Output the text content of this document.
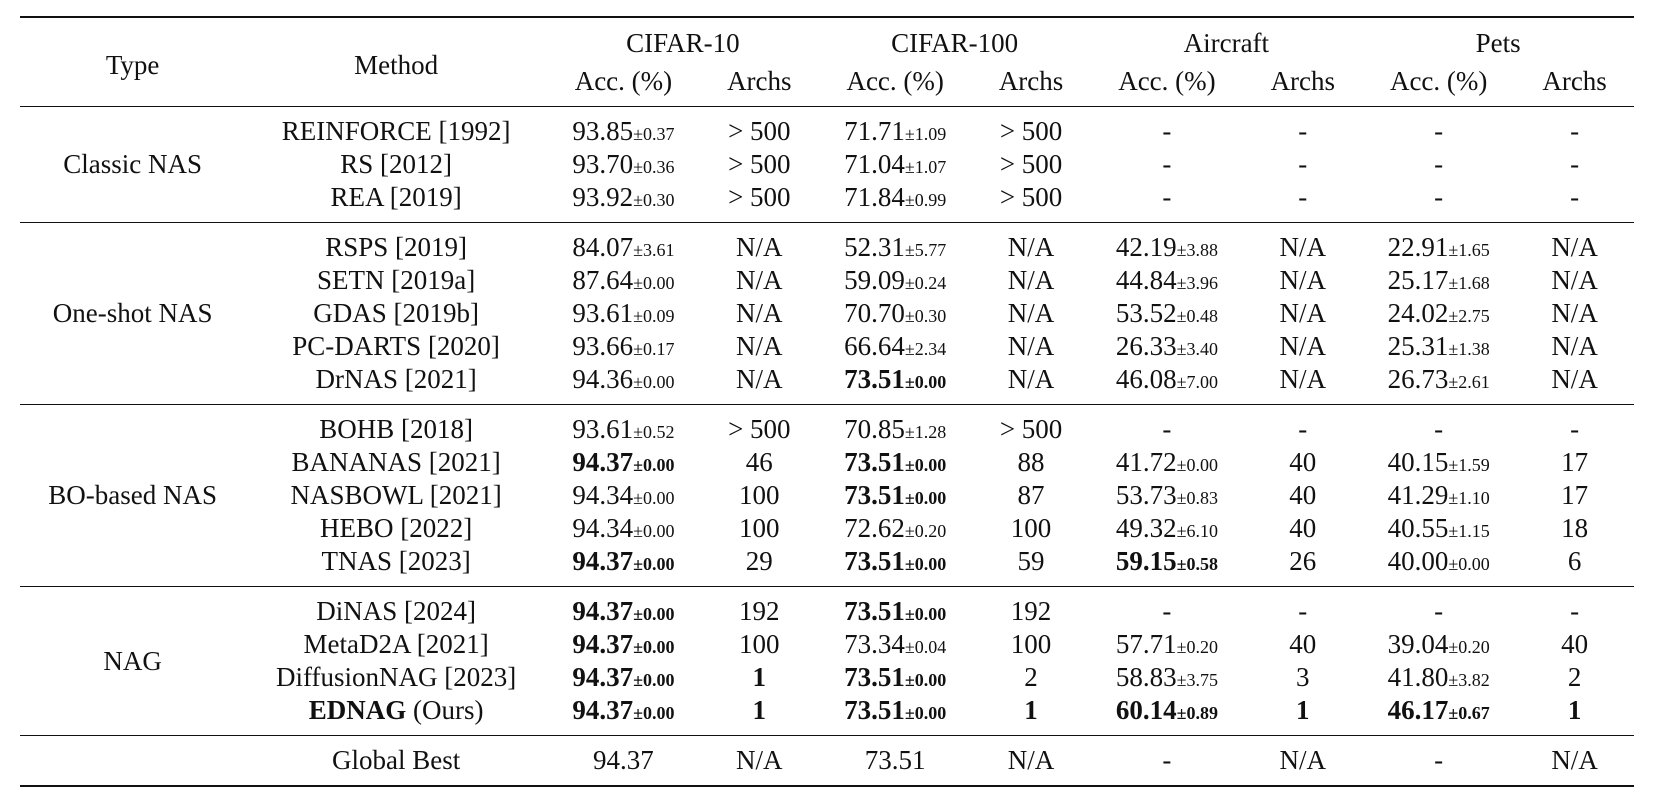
Type	Method	CIFAR-10		CIFAR-100		Aircraft		Pets	
		Acc. (%)	Archs	Acc. (%)	Archs	Acc. (%)	Archs	Acc. (%)	Archs
Classic NAS	REINFORCE [1992]	93.85±0.37	> 500	71.71±1.09	> 500	-	-	-	-
	RS [2012]	93.70±0.36	> 500	71.04±1.07	> 500	-	-	-	-
	REA [2019]	93.92±0.30	> 500	71.84±0.99	> 500	-	-	-	-
One-shot NAS	RSPS [2019]	84.07±3.61	N/A	52.31±5.77	N/A	42.19±3.88	N/A	22.91±1.65	N/A
	SETN [2019a]	87.64±0.00	N/A	59.09±0.24	N/A	44.84±3.96	N/A	25.17±1.68	N/A
	GDAS [2019b]	93.61±0.09	N/A	70.70±0.30	N/A	53.52±0.48	N/A	24.02±2.75	N/A
	PC-DARTS [2020]	93.66±0.17	N/A	66.64±2.34	N/A	26.33±3.40	N/A	25.31±1.38	N/A
	DrNAS [2021]	94.36±0.00	N/A	73.51±0.00	N/A	46.08±7.00	N/A	26.73±2.61	N/A
BO-based NAS	BOHB [2018]	93.61±0.52	> 500	70.85±1.28	> 500	-	-	-	-
	BANANAS [2021]	94.37±0.00	46	73.51±0.00	88	41.72±0.00	40	40.15±1.59	17
	NASBOWL [2021]	94.34±0.00	100	73.51±0.00	87	53.73±0.83	40	41.29±1.10	17
	HEBO [2022]	94.34±0.00	100	72.62±0.20	100	49.32±6.10	40	40.55±1.15	18
	TNAS [2023]	94.37±0.00	29	73.51±0.00	59	59.15±0.58	26	40.00±0.00	6
NAG	DiNAS [2024]	94.37±0.00	192	73.51±0.00	192	-	-	-	-
	MetaD2A [2021]	94.37±0.00	100	73.34±0.04	100	57.71±0.20	40	39.04±0.20	40
	DiffusionNAG [2023]	94.37±0.00	1	73.51±0.00	2	58.83±3.75	3	41.80±3.82	2
	EDNAG (Ours)	94.37±0.00	1	73.51±0.00	1	60.14±0.89	1	46.17±0.67	1
	Global Best	94.37	N/A	73.51	N/A	-	N/A	-	N/A
